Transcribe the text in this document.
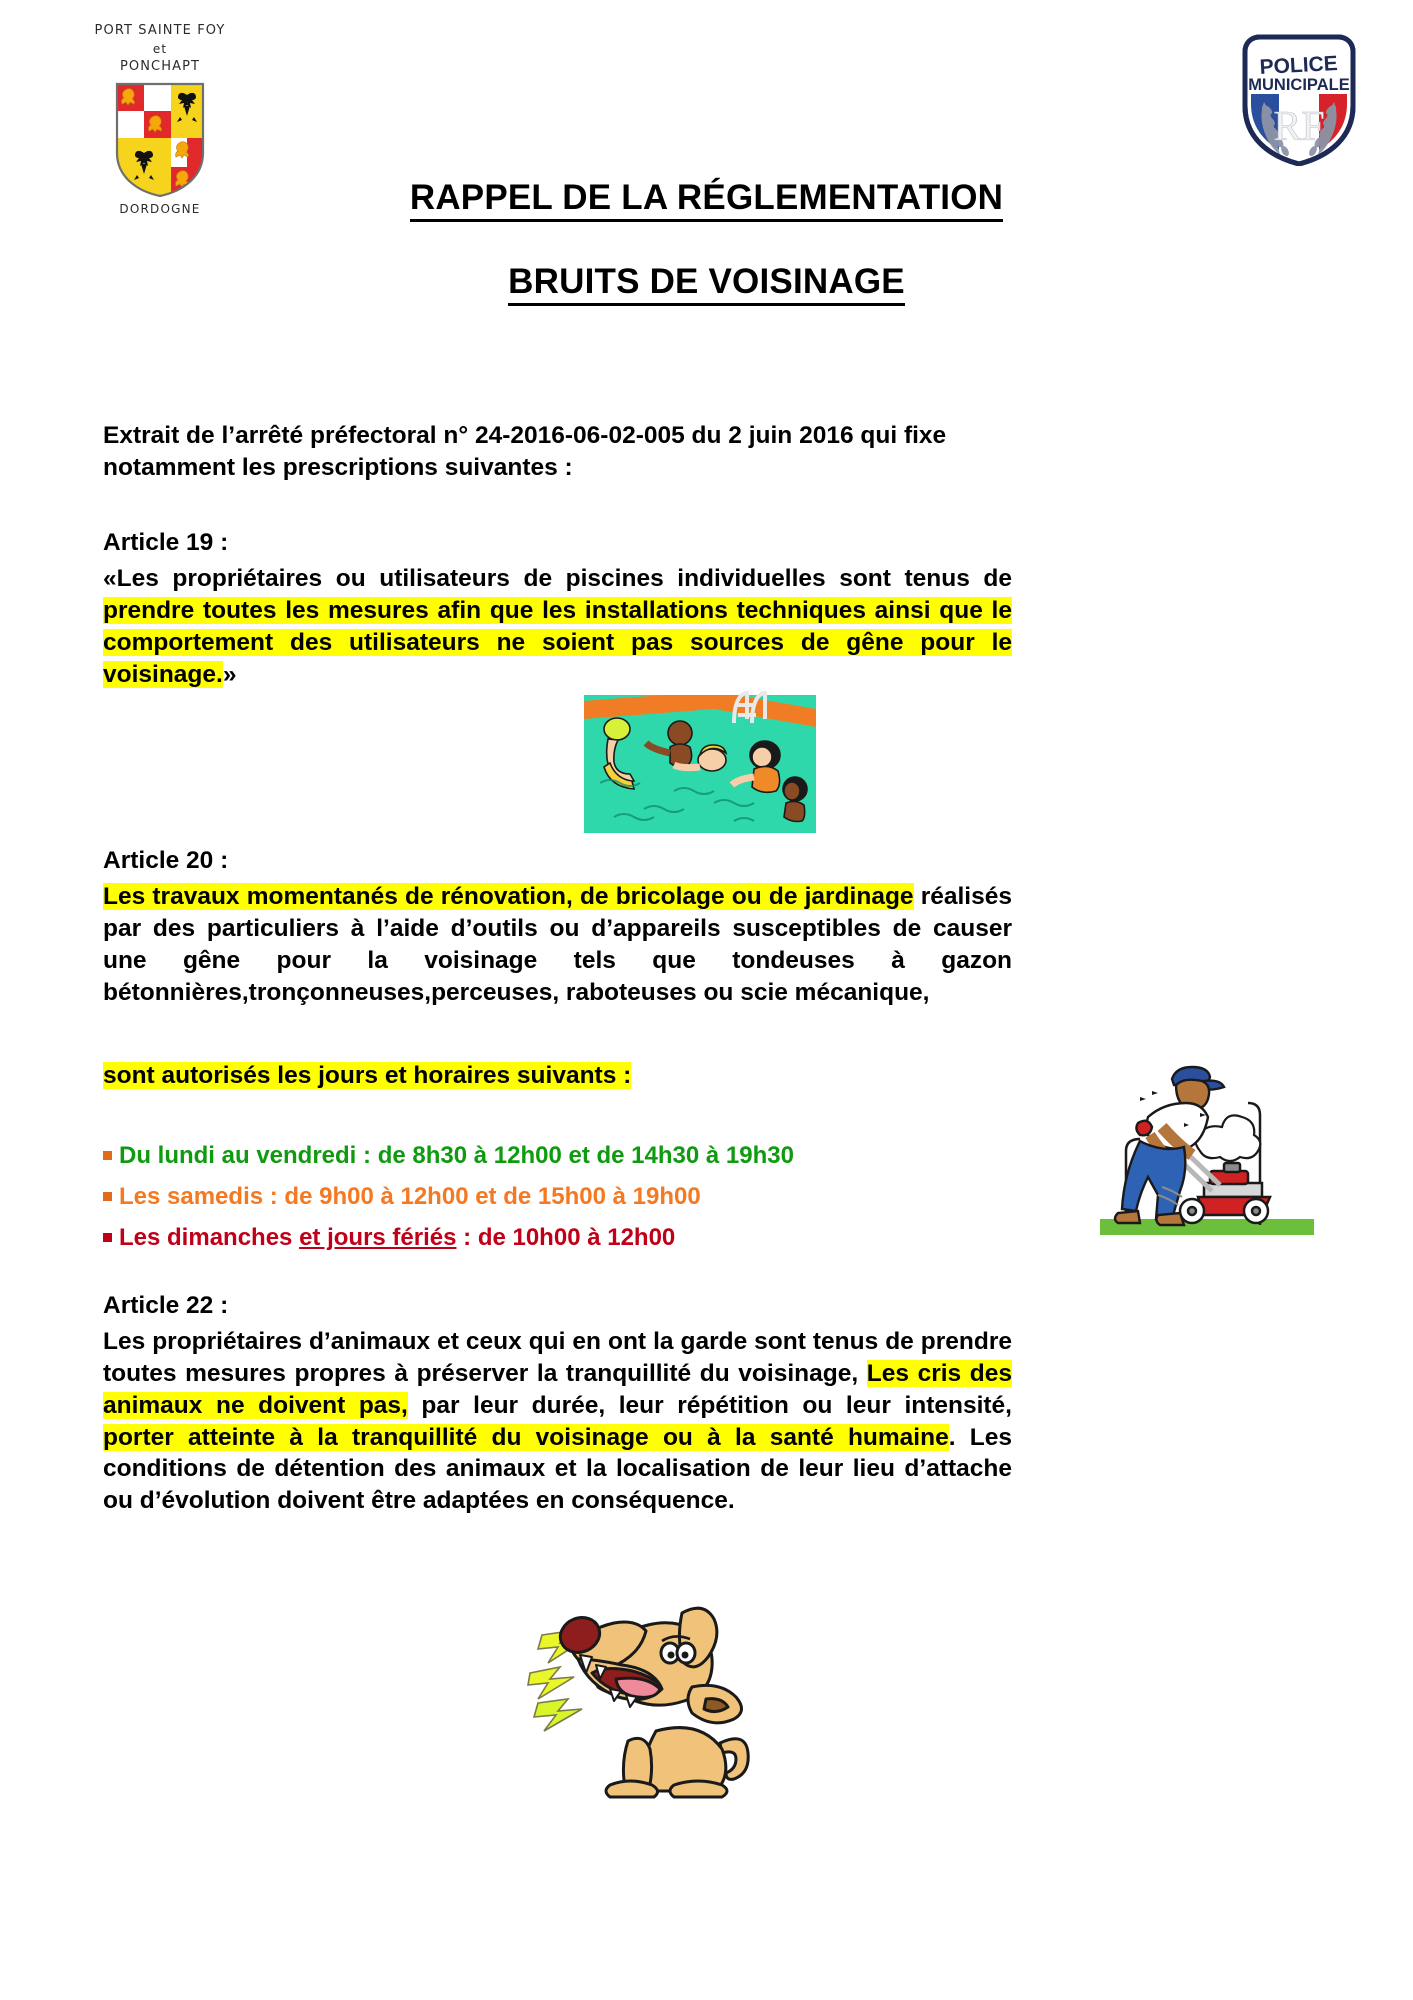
PORT SAINTE FOY
et
PONCHAPT
DORDOGNE
POLICE
MUNICIPALE
RF
RAPPEL DE LA RÉGLEMENTATION
BRUITS DE VOISINAGE
Extrait de l’arrêté préfectoral n° 24-2016-06-02-005 du 2 juin 2016 qui fixe notamment les prescriptions suivantes :
Article 19 :
«Les propriétaires ou utilisateurs de piscines individuelles sont tenus de prendre toutes les mesures afin que les installations techniques ainsi que le comportement des utilisateurs ne soient pas sources de gêne pour le voisinage.»
Article 20 :
Les travaux momentanés de rénovation, de bricolage ou de jardinage réalisés par des particuliers à l’aide d’outils ou d’appareils susceptibles de causer une gêne pour la voisinage tels que tondeuses à gazon bétonnières,tronçonneuses,perceuses, raboteuses ou scie mécanique,
sont autorisés les jours et horaires suivants :
Du lundi au vendredi : de 8h30 à 12h00 et de 14h30 à 19h30
Les samedis : de 9h00 à 12h00 et de 15h00 à 19h00
Les dimanches et jours fériés : de 10h00 à 12h00
Article 22 :
Les propriétaires d’animaux et ceux qui en ont la garde sont tenus de prendre toutes mesures propres à préserver la tranquillité du voisinage, Les cris des animaux ne doivent pas, par leur durée, leur répétition ou leur intensité, porter atteinte à la tranquillité du voisinage ou à la santé humaine. Les conditions de détention des animaux et la localisation de leur lieu d’attache ou d’évolution doivent être adaptées en conséquence.
